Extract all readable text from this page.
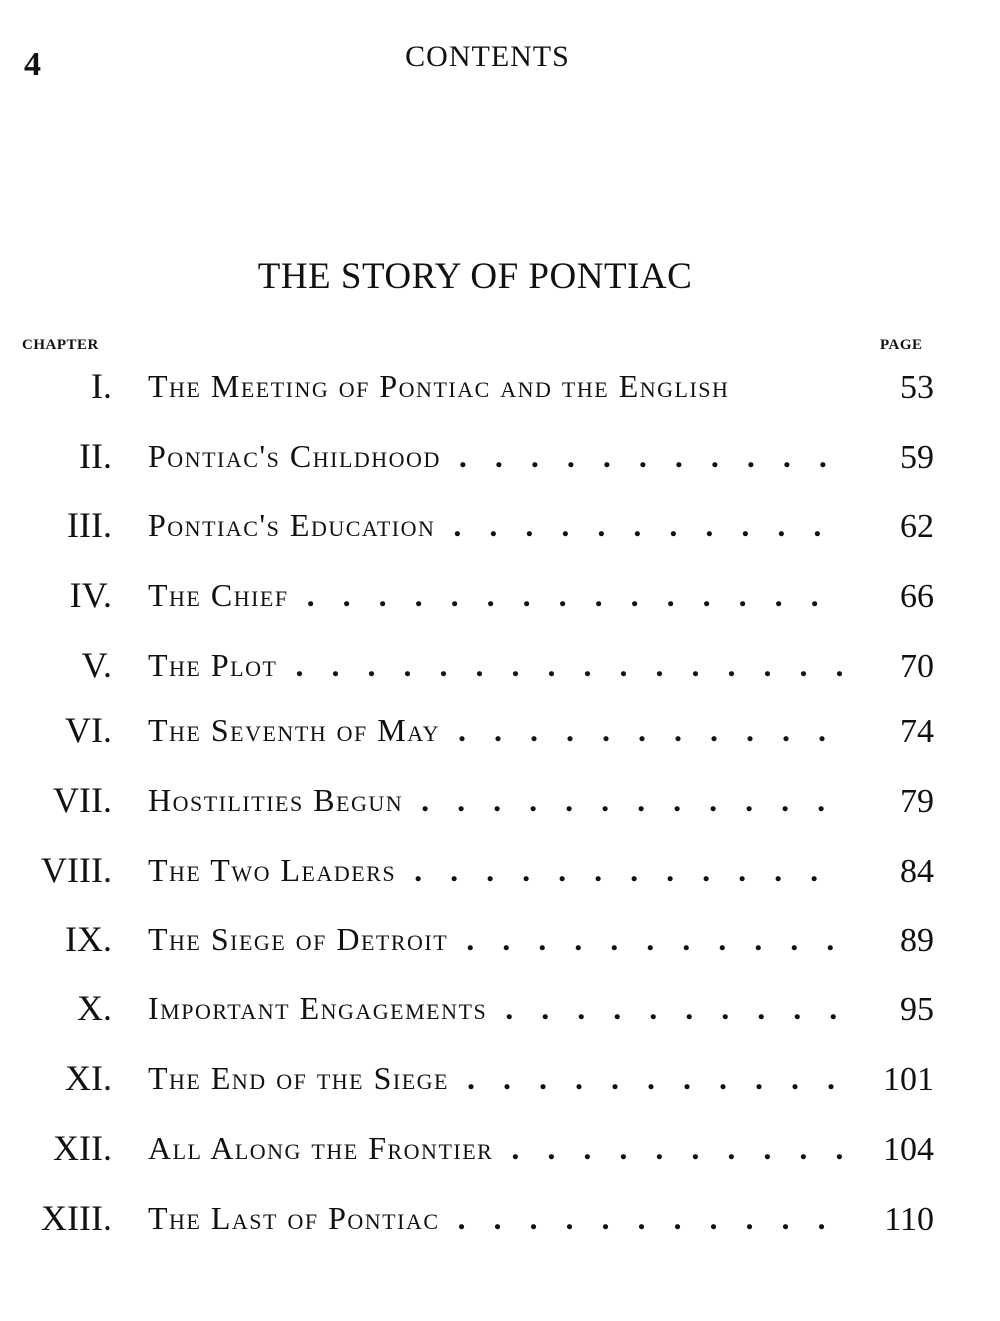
4	CONTENTS
THE STORY OF PONTIAC
CHAPTER	PAGE
I. The Meeting of Pontiac and the English	53
II. Pontiac's Childhood . .	59
III. Pontiac's Education . .	62
IV. The Chief . .	66
V. The Plot . .	70
VI. The Seventh of May . .	74
VII. Hostilities Begun . .	79
VIII. The Two Leaders . .	84
IX. The Siege of Detroit . .	89
X. Important Engagements . .	95
XI. The End of the Siege . .	101
XII. All Along the Frontier . .	104
XIII. The Last of Pontiac . .	110
